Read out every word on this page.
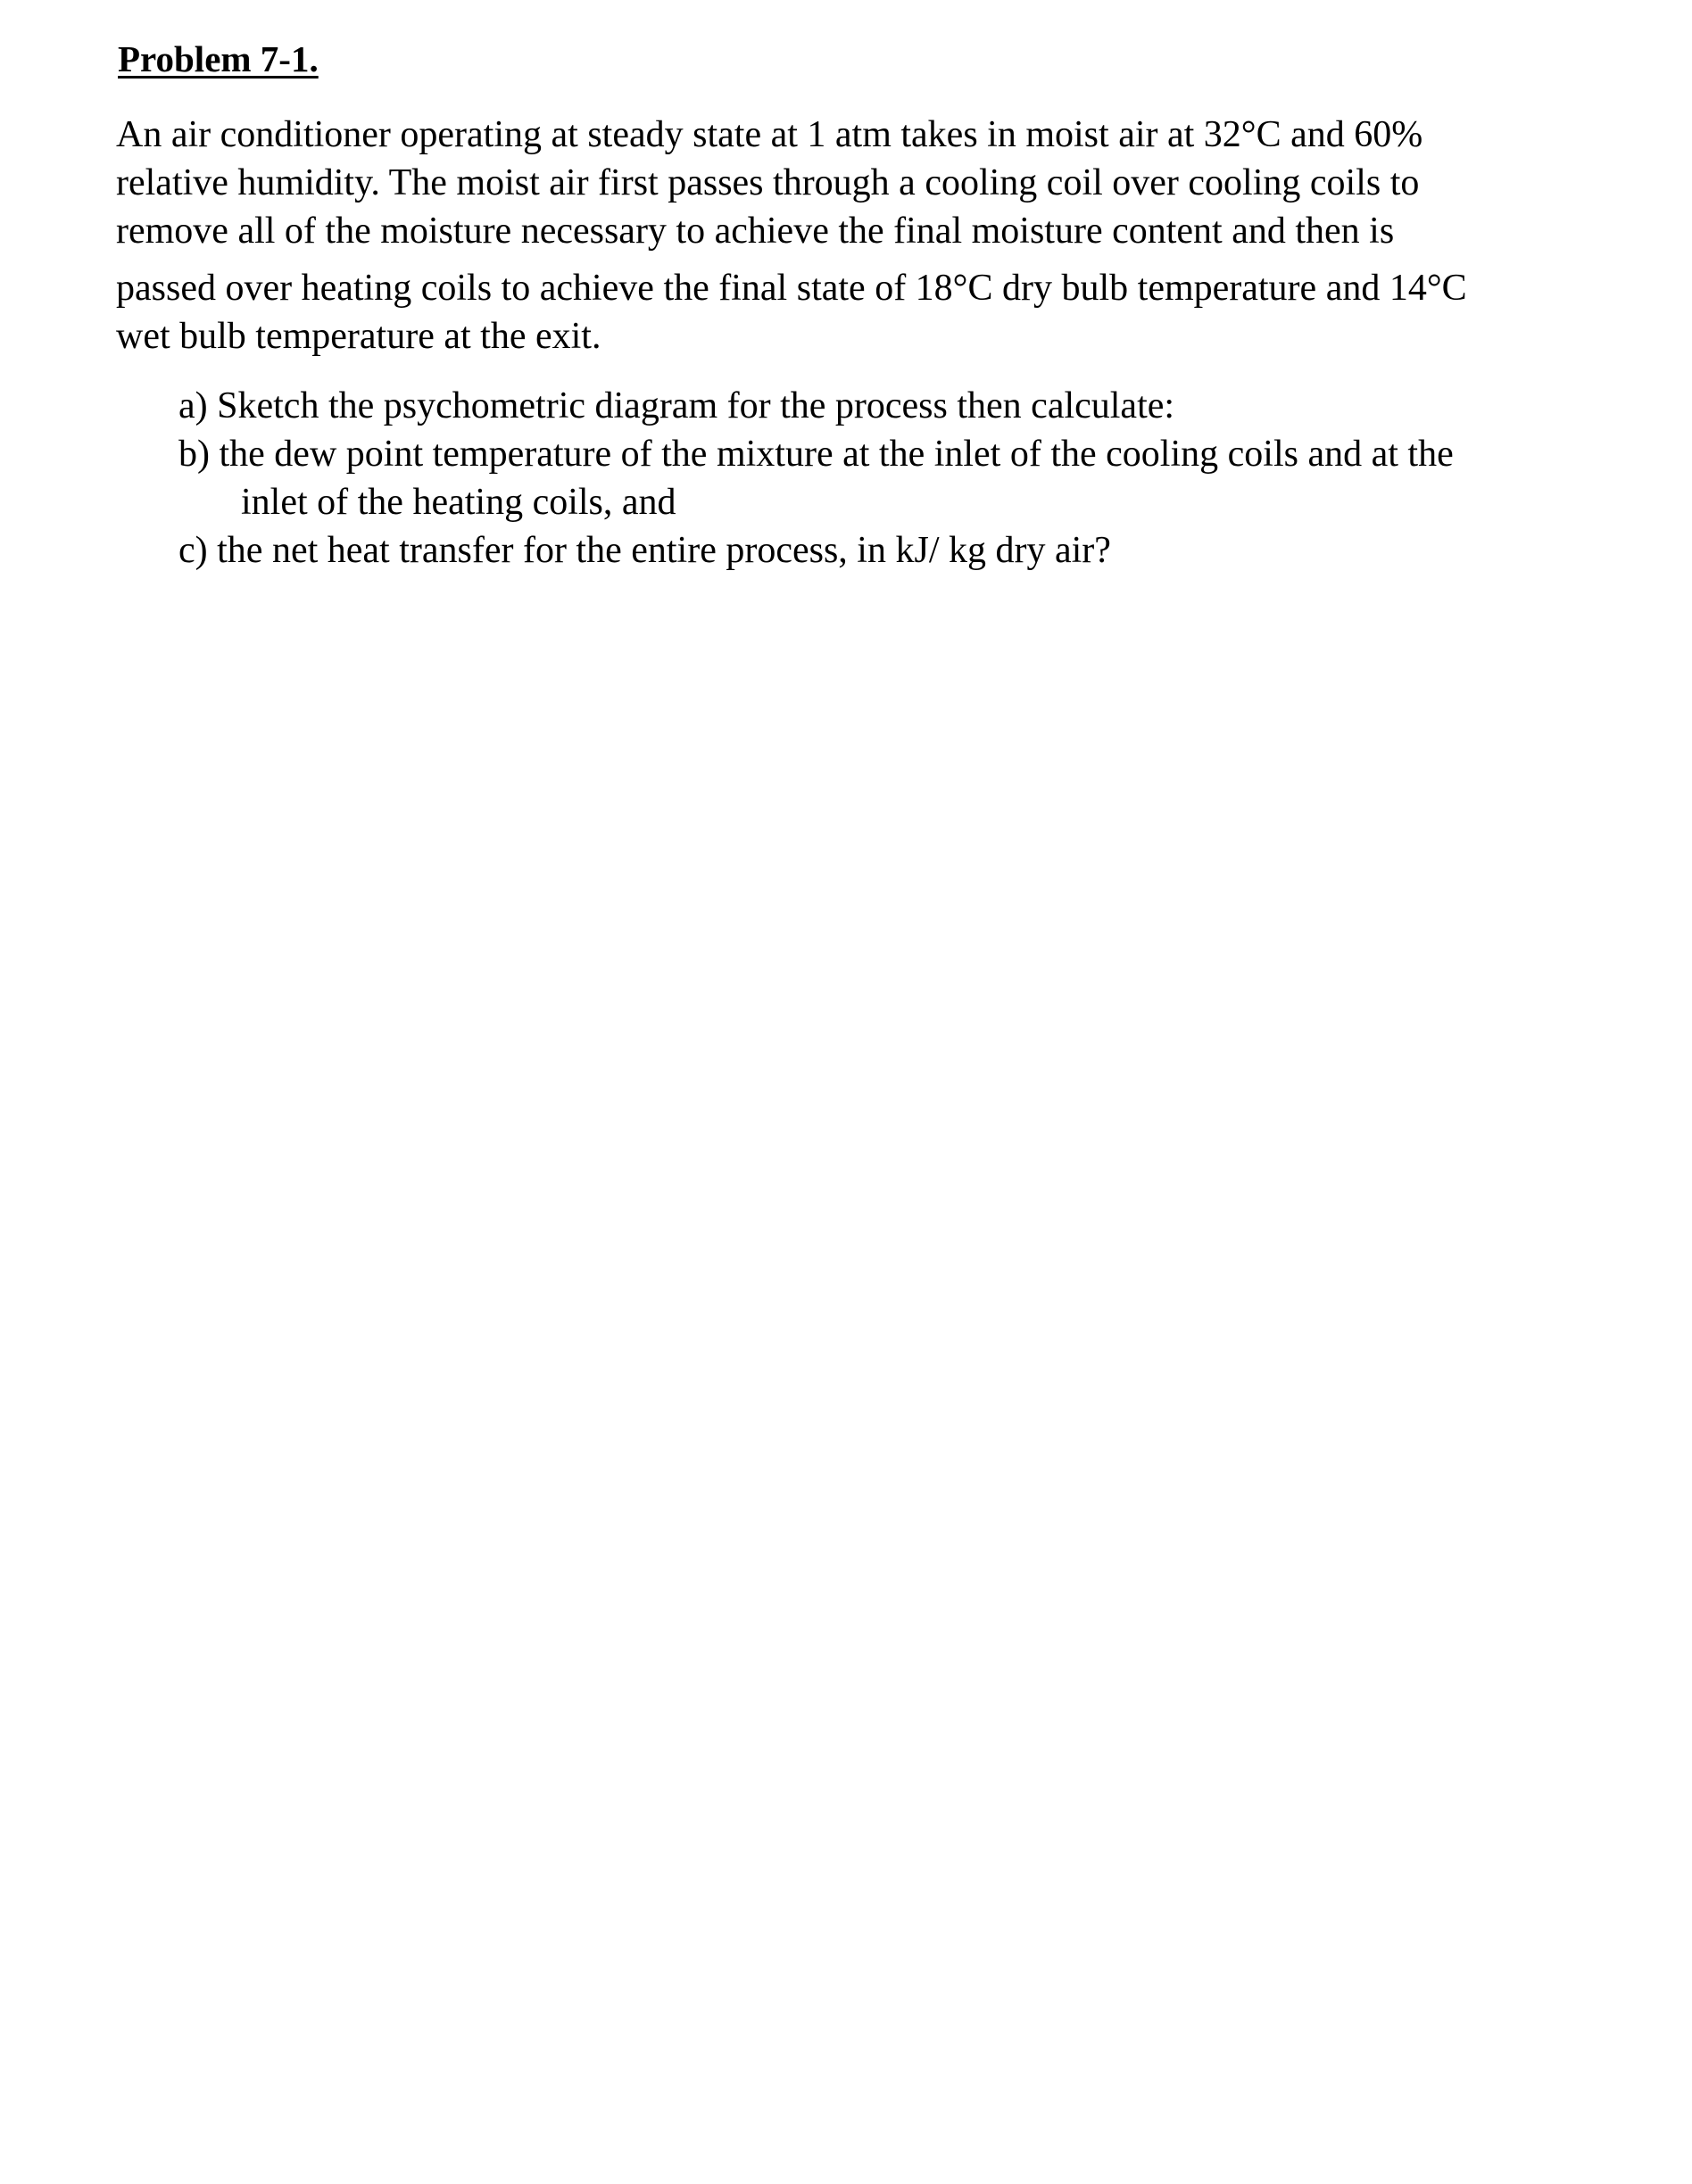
Problem 7-1.
An air conditioner operating at steady state at 1 atm takes in moist air at 32°C and 60%
relative humidity. The moist air first passes through a cooling coil over cooling coils to
remove all of the moisture necessary to achieve the final moisture content and then is
passed over heating coils to achieve the final state of 18°C dry bulb temperature and 14°C
wet bulb temperature at the exit.
a) Sketch the psychometric diagram for the process then calculate:
b) the dew point temperature of the mixture at the inlet of the cooling coils and at the
inlet of the heating coils, and
c) the net heat transfer for the entire process, in kJ/ kg dry air?
